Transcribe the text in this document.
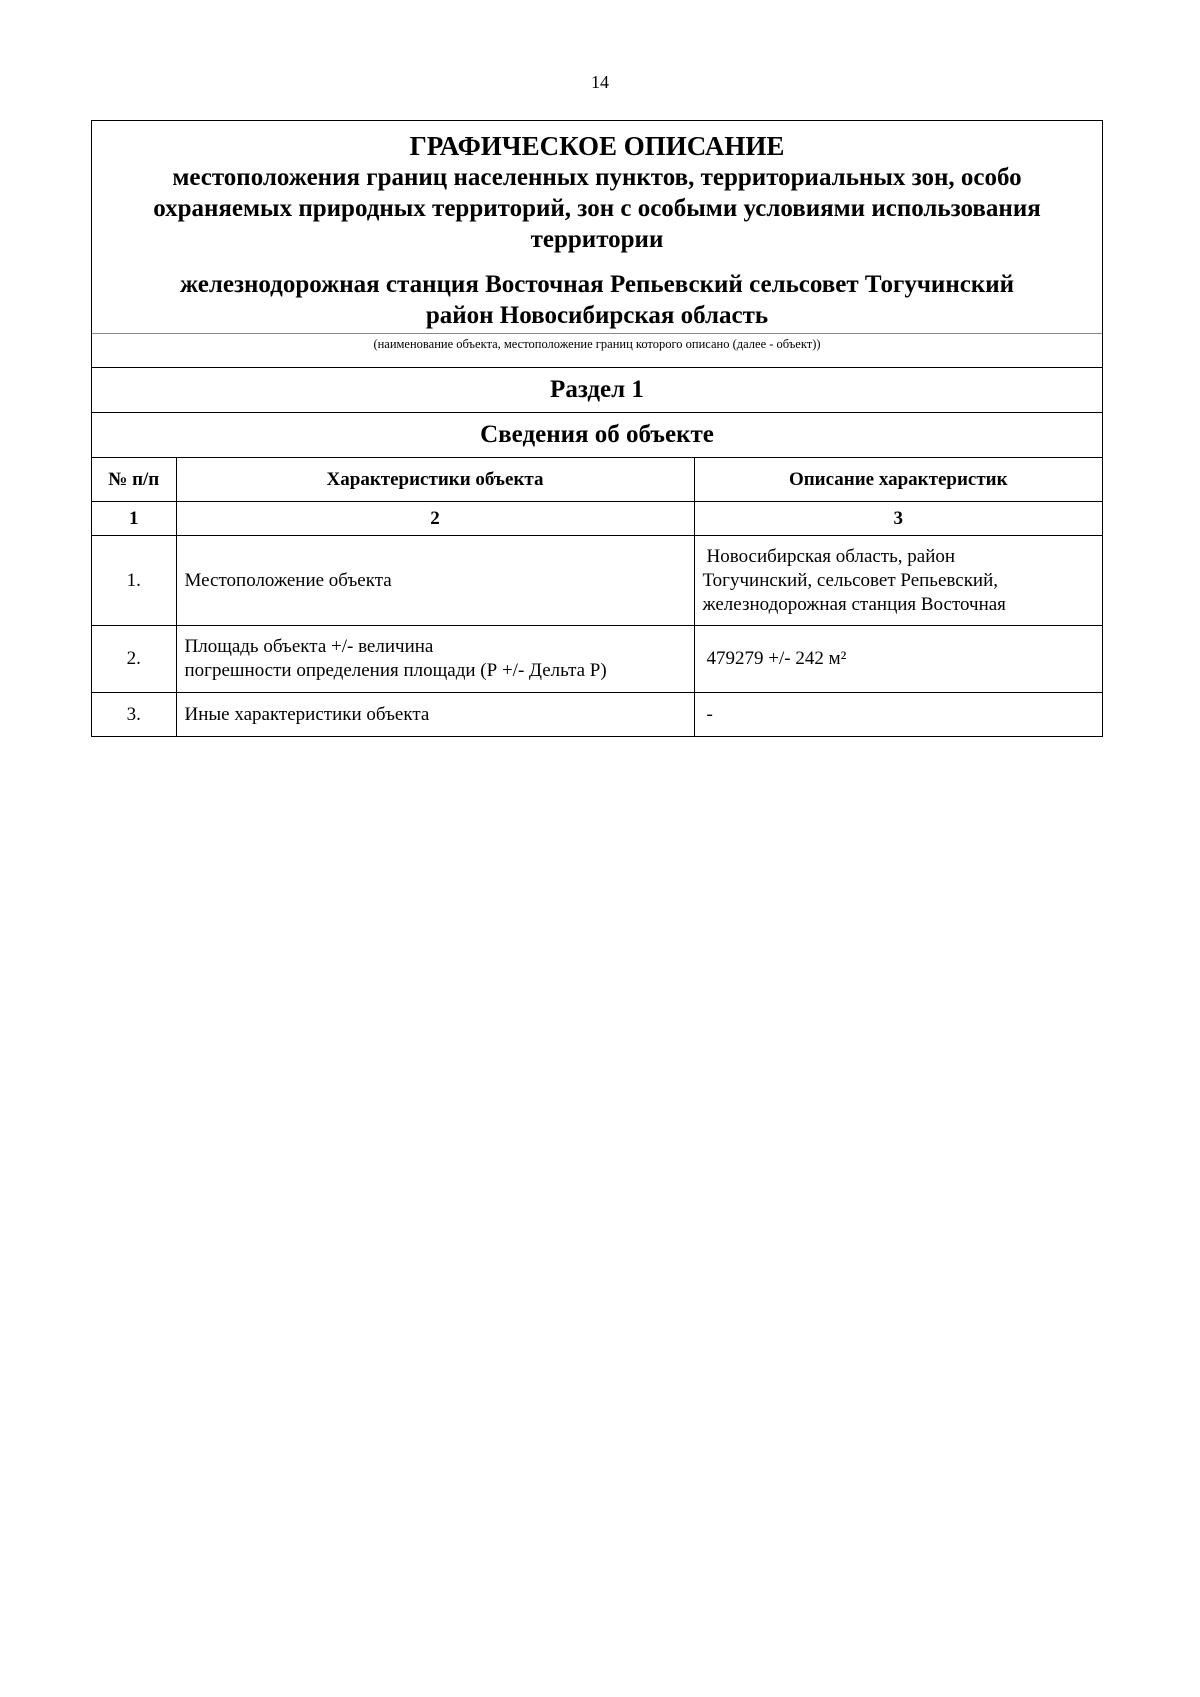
14
ГРАФИЧЕСКОЕ ОПИСАНИЕ
местоположения границ населенных пунктов, территориальных зон, особо
охраняемых природных территорий, зон с особыми условиями использования
территории
железнодорожная станция Восточная Репьевский сельсовет Тогучинский
район Новосибирская область
(наименование объекта, местоположение границ которого описано (далее - объект))
Раздел 1
Сведения об объекте
№ п/п	Характеристики объекта	Описание характеристик
1	2	3
1.	Местоположение объекта	Новосибирская область, район
Тогучинский, сельсовет Репьевский,
железнодорожная станция Восточная

2.	Площадь объекта +/- величина
погрешности определения площади (Р +/- Дельта Р)	479279 +/- 242 м²

3.	Иные характеристики объекта	-
